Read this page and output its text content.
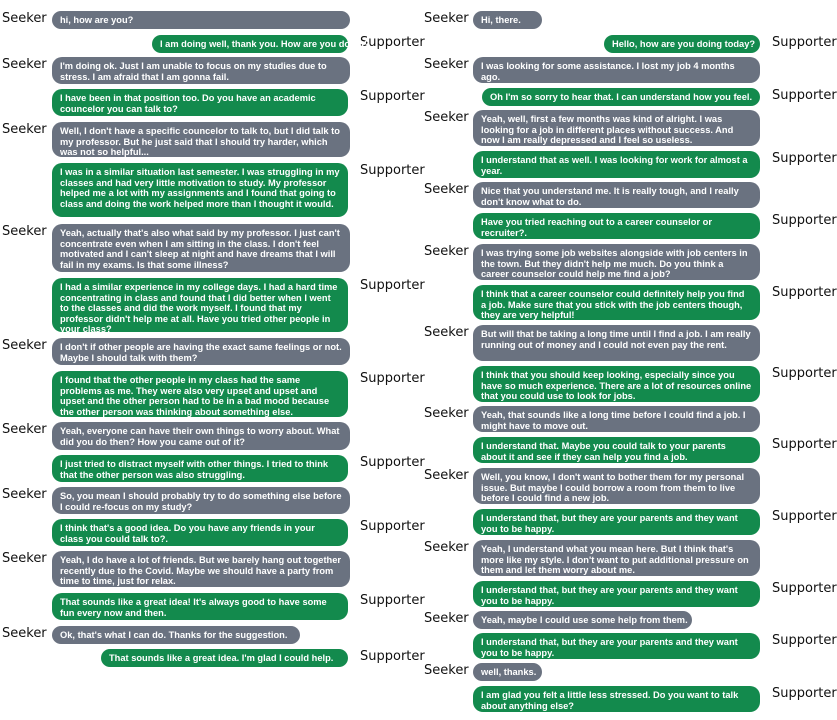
Seeker	hi, how are you?
Supporter
I am doing well, thank you. How are you doing?
Seeker	I'm doing ok. Just I am unable to focus on my studies due to stress. I am afraid that I am gonna fail.
Supporter
I have been in that position too. Do you have an academic councelor you can talk to?
Seeker	Well, I don't have a specific councelor to talk to, but I did talk to my professor. But he just said that I should try harder, which was not so helpful...
Supporter
I was in a similar situation last semester. I was struggling in my classes and had very little motivation to study. My professor helped me a lot with my assignments and I found that going to class and doing the work helped more than I thought it would.
Seeker	Yeah, actually that's also what said by my professor. I just can't concentrate even when I am sitting in the class. I don't feel motivated and I can't sleep at night and have dreams that I will fail in my exams. Is that some illness?
Supporter
I had a similar experience in my college days. I had a hard time concentrating in class and found that I did better when I went to the classes and did the work myself. I found that my professor didn't help me at all. Have you tried other people in your class?
Seeker	I don't if other people are having the exact same feelings or not. Maybe I should talk with them?
Supporter
I found that the other people in my class had the same problems as me. They were also very upset and upset and upset and the other person had to be in a bad mood because the other person was thinking about something else.
Seeker	Yeah, everyone can have their own things to worry about. What did you do then? How you came out of it?
Supporter
I just tried to distract myself with other things. I tried to think that the other person was also struggling.
Seeker	So, you mean I should probably try to do something else before I could re-focus on my study?
Supporter
I think that's a good idea. Do you have any friends in your class you could talk to?.
Seeker	Yeah, I do have a lot of friends. But we barely hang out together recently due to the Covid. Maybe we should have a party from time to time, just for relax.
Supporter
That sounds like a great idea! It's always good to have some fun every now and then.
Seeker	Ok, that's what I can do. Thanks for the suggestion.
Supporter
That sounds like a great idea. I'm glad I could help.
Seeker	Hi, there.
Supporter
Hello, how are you doing today?
Seeker	I was looking for some assistance. I lost my job 4 months ago.
Supporter
Oh I'm so sorry to hear that. I can understand how you feel.
Seeker	Yeah, well, first a few months was kind of alright. I was looking for a job in different places without success. And now I am really depressed and I feel so useless.
Supporter
I understand that as well. I was looking for work for almost a year.
Seeker	Nice that you understand me. It is really tough, and I really don't know what to do.
Supporter
Have you tried reaching out to a career counselor or recruiter?.
Seeker	I was trying some job websites alongside with job centers in the town. But they didn't help me much. Do you think a career counselor could help me find a job?
Supporter
I think that a career counselor could definitely help you find a job. Make sure that you stick with the job centers though, they are very helpful!
Seeker	But will that be taking a long time until I find a job. I am really running out of money and I could not even pay the rent.
Supporter
I think that you should keep looking, especially since you have so much experience. There are a lot of resources online that you could use to look for jobs.
Seeker	Yeah, that sounds like a long time before I could find a job. I might have to move out.
Supporter
I understand that. Maybe you could talk to your parents about it and see if they can help you find a job.
Seeker	Well, you know, I don't want to bother them for my personal issue. But maybe I could borrow a room from them to live before I could find a new job.
Supporter
I understand that, but they are your parents and they want you to be happy.
Seeker	Yeah, I understand what you mean here. But I think that's more like my style. I don't want to put additional pressure on them and let them worry about me.
Supporter
I understand that, but they are your parents and they want you to be happy.
Seeker	Yeah, maybe I could use some help from them.
Supporter
I understand that, but they are your parents and they want you to be happy.
Seeker	well, thanks.
Supporter
I am glad you felt a little less stressed. Do you want to talk about anything else?
